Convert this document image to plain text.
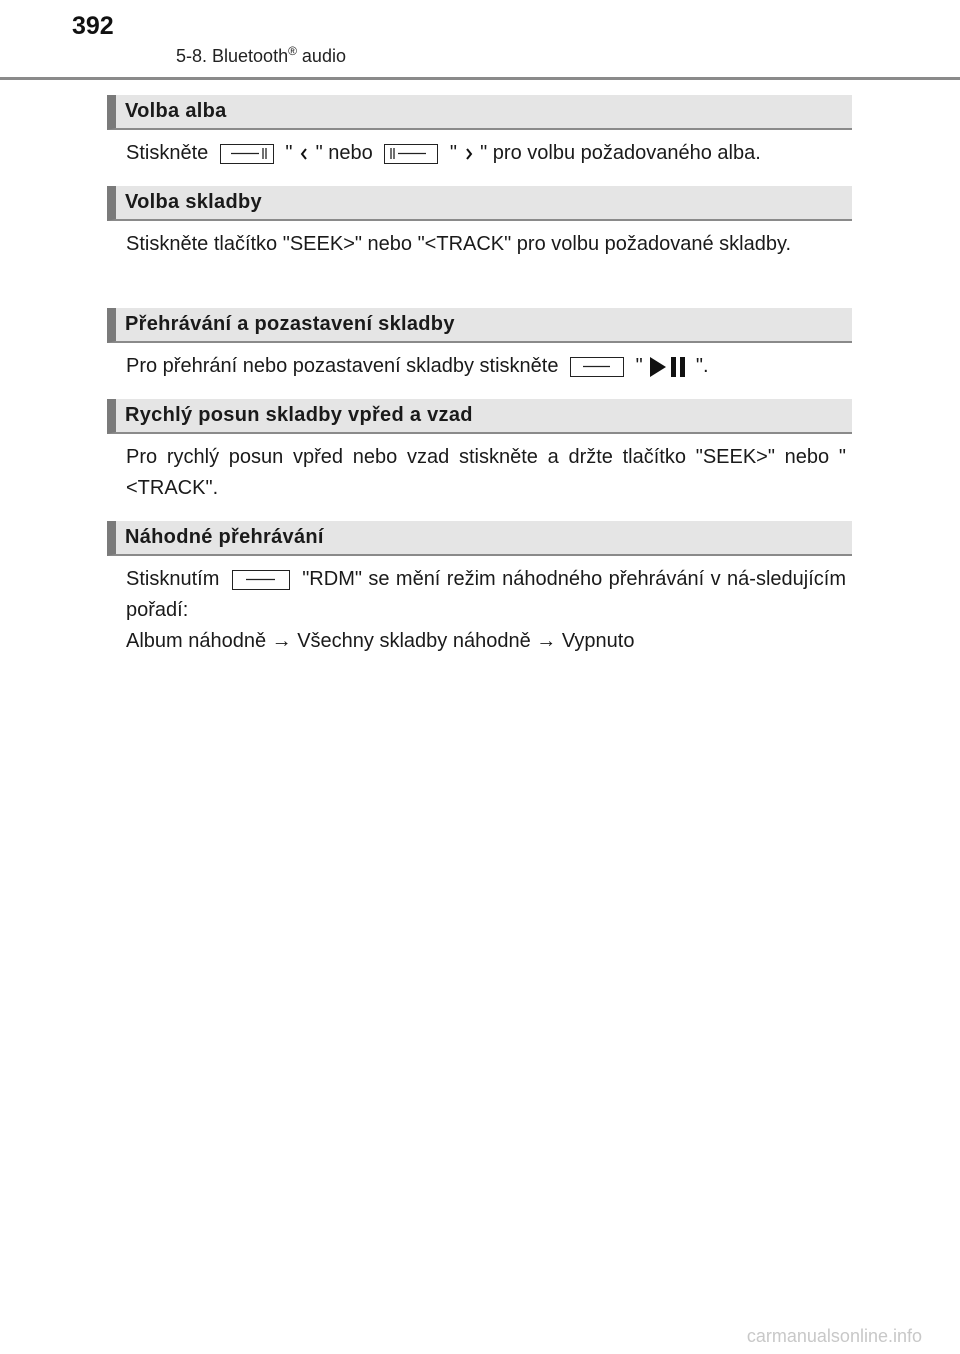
392
5-8. Bluetooth® audio
Volba alba
Stiskněte	" " nebo	" " pro volbu požadovaného alba.
Volba skladby
Stiskněte tlačítko "SEEK>" nebo "<TRACK" pro volbu požadované skladby.
Přehrávání a pozastavení skladby
Pro přehrání nebo pozastavení skladby stiskněte	"	".
Rychlý posun skladby vpřed a vzad
Pro rychlý posun vpřed nebo vzad stiskněte a držte tlačítko "SEEK>" nebo "<TRACK".
Náhodné přehrávání
Stisknutím	"RDM" se mění režim náhodného přehrávání v ná-sledujícím pořadí:
Album náhodně → Všechny skladby náhodně → Vypnuto
carmanualsonline.info
